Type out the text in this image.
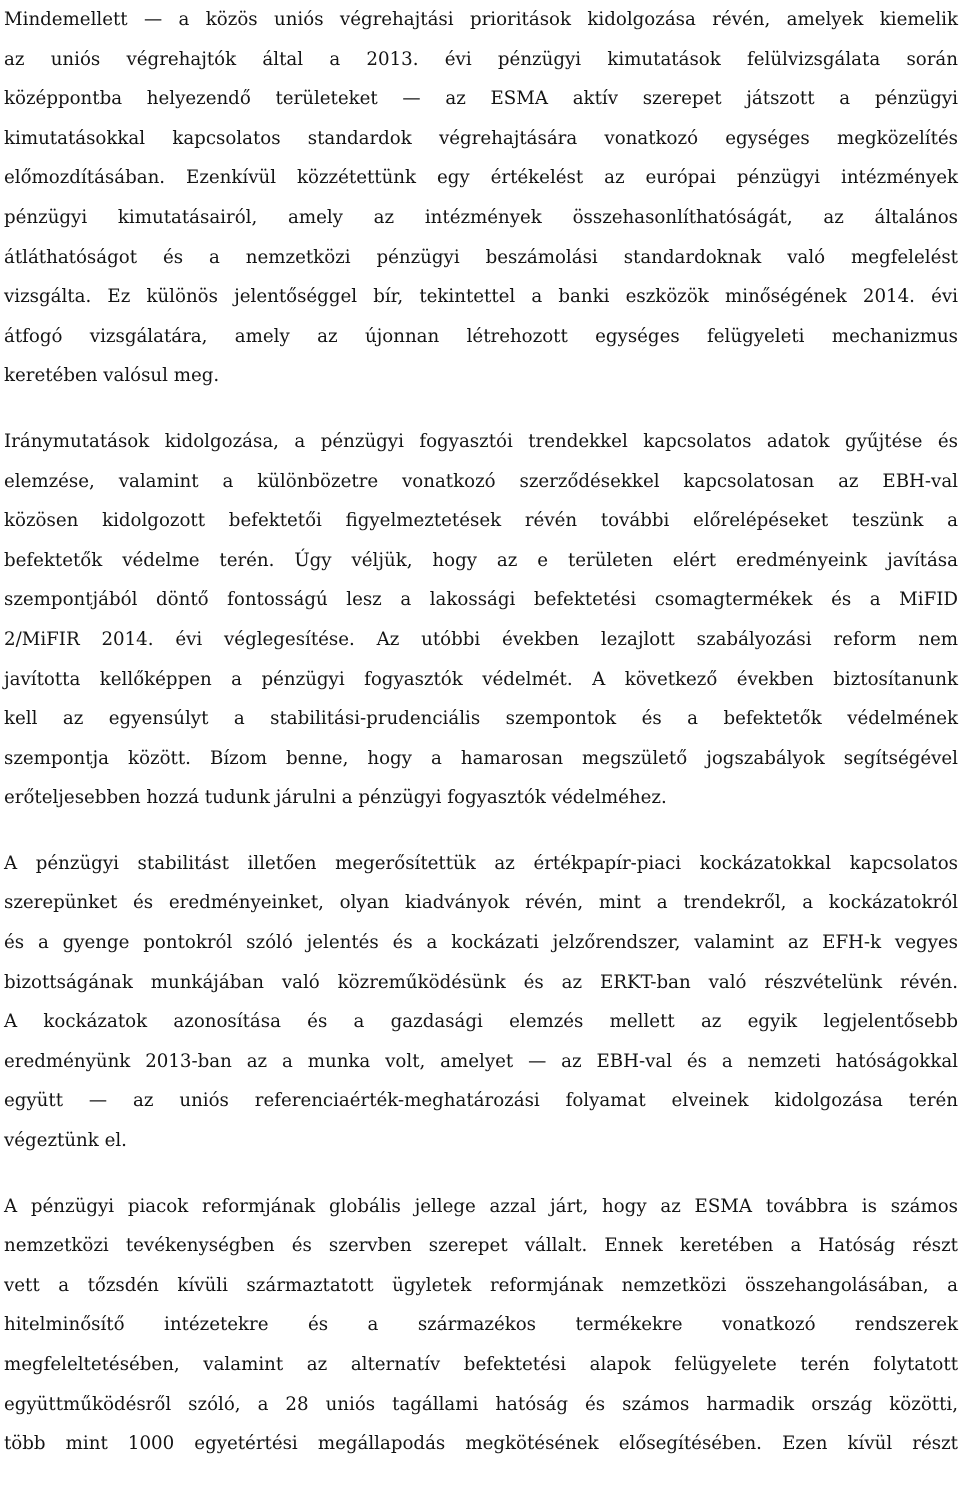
Mindemellett — a közös uniós végrehajtási prioritások kidolgozása révén, amelyek kiemelik
az uniós végrehajtók által a 2013. évi pénzügyi kimutatások felülvizsgálata során
középpontba helyezendő területeket — az ESMA aktív szerepet játszott a pénzügyi
kimutatásokkal kapcsolatos standardok végrehajtására vonatkozó egységes megközelítés
előmozdításában. Ezenkívül közzétettünk egy értékelést az európai pénzügyi intézmények
pénzügyi kimutatásairól, amely az intézmények összehasonlíthatóságát, az általános
átláthatóságot és a nemzetközi pénzügyi beszámolási standardoknak való megfelelést
vizsgálta. Ez különös jelentőséggel bír, tekintettel a banki eszközök minőségének 2014. évi
átfogó vizsgálatára, amely az újonnan létrehozott egységes felügyeleti mechanizmus
keretében valósul meg.
Iránymutatások kidolgozása, a pénzügyi fogyasztói trendekkel kapcsolatos adatok gyűjtése és
elemzése, valamint a különbözetre vonatkozó szerződésekkel kapcsolatosan az EBH-val
közösen kidolgozott befektetői figyelmeztetések révén további előrelépéseket teszünk a
befektetők védelme terén. Úgy véljük, hogy az e területen elért eredményeink javítása
szempontjából döntő fontosságú lesz a lakossági befektetési csomagtermékek és a MiFID
2/MiFIR 2014. évi véglegesítése. Az utóbbi években lezajlott szabályozási reform nem
javította kellőképpen a pénzügyi fogyasztók védelmét. A következő években biztosítanunk
kell az egyensúlyt a stabilitási-prudenciális szempontok és a befektetők védelmének
szempontja között. Bízom benne, hogy a hamarosan megszülető jogszabályok segítségével
erőteljesebben hozzá tudunk járulni a pénzügyi fogyasztók védelméhez.
A pénzügyi stabilitást illetően megerősítettük az értékpapír-piaci kockázatokkal kapcsolatos
szerepünket és eredményeinket, olyan kiadványok révén, mint a trendekről, a kockázatokról
és a gyenge pontokról szóló jelentés és a kockázati jelzőrendszer, valamint az EFH-k vegyes
bizottságának munkájában való közreműködésünk és az ERKT-ban való részvételünk révén.
A kockázatok azonosítása és a gazdasági elemzés mellett az egyik legjelentősebb
eredményünk 2013-ban az a munka volt, amelyet — az EBH-val és a nemzeti hatóságokkal
együtt — az uniós referenciaérték-meghatározási folyamat elveinek kidolgozása terén
végeztünk el.
A pénzügyi piacok reformjának globális jellege azzal járt, hogy az ESMA továbbra is számos
nemzetközi tevékenységben és szervben szerepet vállalt. Ennek keretében a Hatóság részt
vett a tőzsdén kívüli származtatott ügyletek reformjának nemzetközi összehangolásában, a
hitelminősítő intézetekre és a származékos termékekre vonatkozó rendszerek
megfeleltetésében, valamint az alternatív befektetési alapok felügyelete terén folytatott
együttműködésről szóló, a 28 uniós tagállami hatóság és számos harmadik ország közötti,
több mint 1000 egyetértési megállapodás megkötésének elősegítésében. Ezen kívül részt
